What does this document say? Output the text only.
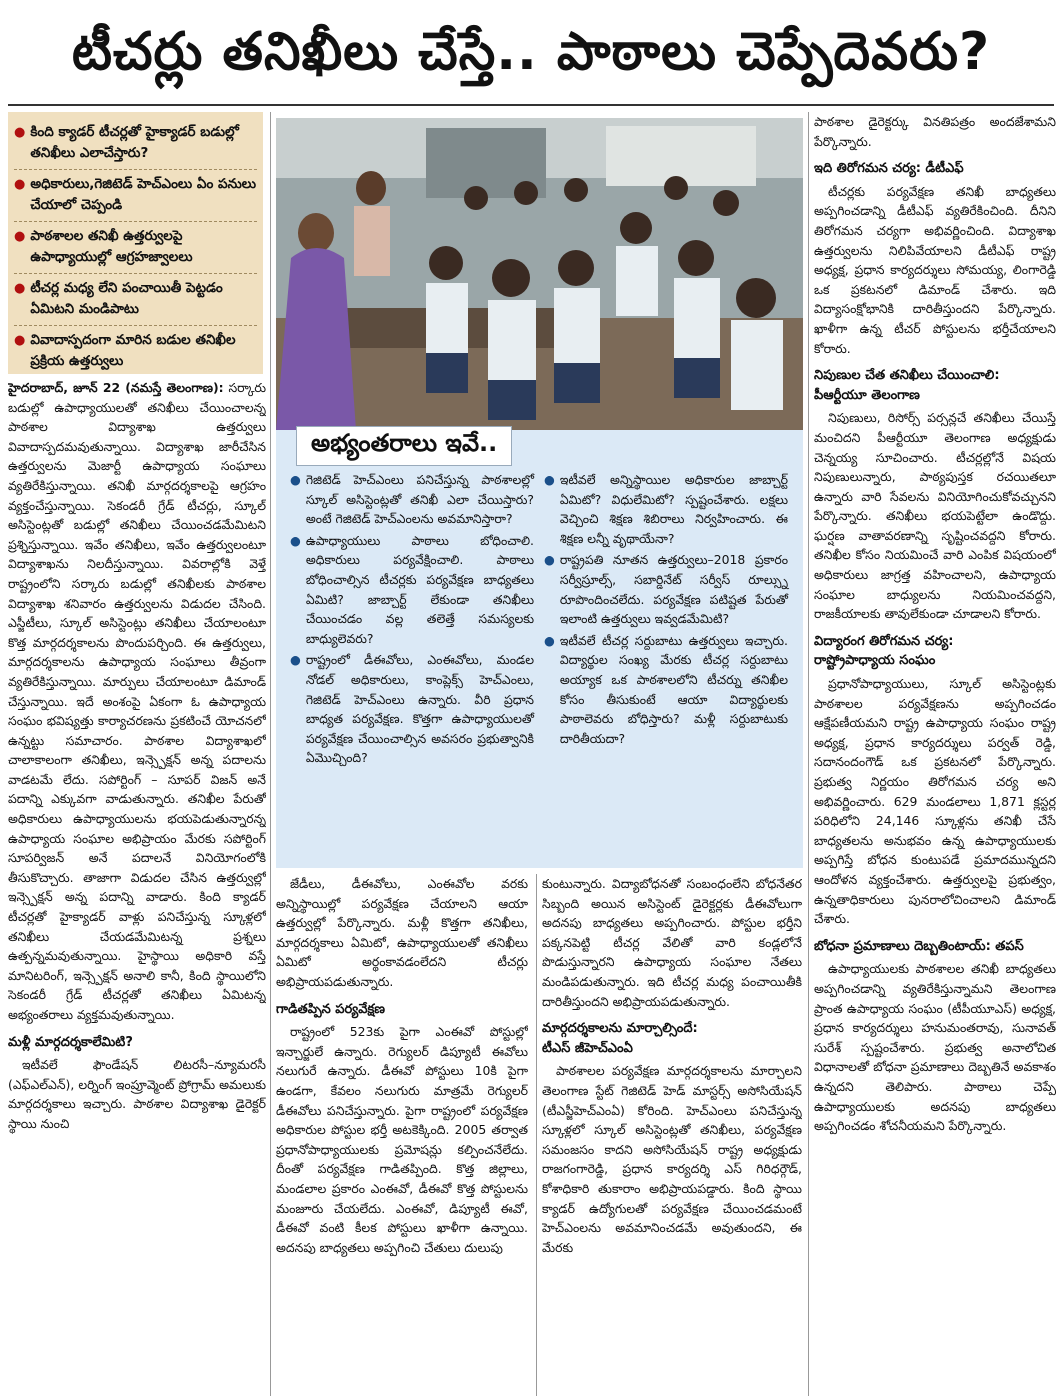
టీచర్లు తనిఖీలు చేస్తే.. పాఠాలు చెప్పేదెవరు?
● కింది క్యాడర్ టీచర్లతో హైక్యాడర్ బడుల్లో తనిఖీలు ఎలాచేస్తారు?
● అధికారులు,గెజిటెడ్ హెచ్ఎంలు ఏం పనులు చేయాలో చెప్పండి
● పాఠశాలల తనిఖీ ఉత్తర్వులపై ఉపాధ్యాయుల్లో ఆగ్రహజ్వాలలు
● టీచర్ల మధ్య లేని పంచాయితీ పెట్టడం ఏమిటని మండిపాటు
● వివాదాస్పదంగా మారిన బడుల తనిఖీల ప్రక్రియ ఉత్తర్వులు

హైదరాబాద్, జూన్ 22 (నమస్తే తెలంగాణ): సర్కారు బడుల్లో ఉపాధ్యాయులతో తనిఖీలు చేయించాలన్న పాఠశాల విద్యాశాఖ ఉత్తర్వులు వివాదాస్పదమవుతున్నాయి. విద్యాశాఖ జారీచేసిన ఉత్తర్వులను మెజార్టీ ఉపాధ్యాయ సంఘాలు వ్యతిరేకిస్తున్నాయి. తనిఖీ మార్గదర్శకాలపై ఆగ్రహం వ్యక్తంచేస్తున్నాయి. సెకండరీ గ్రేడ్ టీచర్లు, స్కూల్ అసిస్టెంట్లతో బడుల్లో తనిఖీలు చేయించడమేమిటని ప్రశ్నిస్తున్నాయి. ఇవేం తనిఖీలు, ఇవేం ఉత్తర్వులంటూ విద్యాశాఖను నిలదీస్తున్నాయి. వివరాల్లోకి వెళ్తే రాష్ట్రంలోని సర్కారు బడుల్లో తనిఖీలకు పాఠశాల విద్యాశాఖ శనివారం ఉత్తర్వులను విడుదల చేసింది. ఎస్జీటీలు, స్కూల్ అసిస్టెంట్లు తనిఖీలు చేయాలంటూ కొత్త మార్గదర్శకాలను పొందుపర్చింది. ఈ ఉత్తర్వులు, మార్గదర్శకాలను ఉపాధ్యాయ సంఘాలు తీవ్రంగా వ్యతిరేకిస్తున్నాయి. మార్పులు చేయాలంటూ డిమాండ్ చేస్తున్నాయి. ఇదే అంశంపై ఏకంగా ఓ ఉపాధ్యాయ సంఘం భవిష్యత్తు కార్యాచరణను ప్రకటించే యోచనలో ఉన్నట్టు సమాచారం. పాఠశాల విద్యాశాఖలో చాలాకాలంగా తనిఖీలు, ఇన్స్పెక్షన్ అన్న పదాలను వాడటమే లేదు. సపోర్టింగ్ – సూపర్ విజన్ అనే పదాన్ని ఎక్కువగా వాడుతున్నారు. తనిఖీల పేరుతో అధికారులు ఉపాధ్యాయులను భయపెడుతున్నారన్న ఉపాధ్యాయ సంఘాల అభిప్రాయం మేరకు సపోర్టింగ్ సూపర్విజన్ అనే పదాలనే వినియోగంలోకి తీసుకొచ్చారు. తాజాగా విడుదల చేసిన ఉత్తర్వుల్లో ఇన్స్పెక్షన్ అన్న పదాన్ని వాడారు. కింది క్యాడర్ టీచర్లతో హైక్యాడర్ వాళ్లు పనిచేస్తున్న స్కూళ్లలో తనిఖీలు చేయడమేమిటన్న ప్రశ్నలు ఉత్పన్నమవుతున్నాయి. హైస్థాయి అధికారి వస్తే మానిటరింగ్, ఇన్స్పెక్షన్ అనాలి కానీ, కింది స్థాయిలోని సెకండరీ గ్రేడ్ టీచర్లతో తనిఖీలు ఏమిటన్న అభ్యంతరాలు వ్యక్తమవుతున్నాయి.

మళ్లీ మార్గదర్శకాలేమిటి?

ఇటీవలే ఫౌండేషన్ లిటరసీ–న్యూమరసీ (ఎఫ్ఎల్ఎన్), లర్నింగ్ ఇంప్రూవ్మెంట్ ప్రోగ్రామ్ అమలుకు మార్గదర్శకాలు ఇచ్చారు. పాఠశాల విద్యాశాఖ డైరెక్టర్ స్థాయి నుంచి

అభ్యంతరాలు ఇవే..
● గెజిటెడ్ హెచ్ఎంలు పనిచేస్తున్న పాఠశాలల్లో స్కూల్ అసిస్టెంట్లతో తనిఖీ ఎలా చేయిస్తారు? అంటే గెజిటెడ్ హెచ్ఎంలను అవమానిస్తారా?
● ఉపాధ్యాయులు పాఠాలు బోధించాలి. అధికారులు పర్యవేక్షించాలి. పాఠాలు బోధించాల్సిన టీచర్లకు పర్యవేక్షణ బాధ్యతలు ఏమిటి? జాబ్చార్ట్ లేకుండా తనిఖీలు చేయించడం వల్ల తలెత్తే సమస్యలకు బాధ్యులెవరు?
● రాష్ట్రంలో డీఈవోలు, ఎంఈవోలు, మండల నోడల్ అధికారులు, కాంప్లెక్స్ హెచ్ఎంలు, గెజిటెడ్ హెచ్ఎంలు ఉన్నారు. వీరి ప్రధాన బాధ్యత పర్యవేక్షణ. కొత్తగా ఉపాధ్యాయులతో పర్యవేక్షణ చేయించాల్సిన అవసరం ప్రభుత్వానికి ఏమొచ్చింది?
● ఇటీవలే అన్నిస్థాయిల అధికారుల జాబ్చార్ట్ ఏమిటో? విధులేమిటో? స్పష్టంచేశారు. లక్షలు వెచ్చించి శిక్షణ శిబిరాలు నిర్వహించారు. ఈ శిక్షణ లన్నీ వృథాయేనా?
● రాష్ట్రపతి నూతన ఉత్తర్వులు–2018 ప్రకారం సర్వీస్రూల్స్, సబార్డినేట్ సర్వీస్ రూల్స్ను రూపొందించలేదు. పర్యవేక్షణ పటిష్టత పేరుతో ఇలాంటి ఉత్తర్వులు ఇవ్వడమేమిటి?
● ఇటీవలే టీచర్ల సర్దుబాటు ఉత్తర్వులు ఇచ్చారు. విద్యార్థుల సంఖ్య మేరకు టీచర్ల సర్దుబాటు అయ్యాక ఒక పాఠశాలలోని టీచర్ను తనిఖీల కోసం తీసుకుంటే ఆయా విద్యార్థులకు పాఠాలెవరు బోధిస్తారు? మళ్లీ సర్దుబాటుకు దారితీయదా?

జేడీలు, డీఈవోలు, ఎంఈవోల వరకు అన్నిస్థాయిల్లో పర్యవేక్షణ చేయాలని ఆయా ఉత్తర్వుల్లో పేర్కొన్నారు. మళ్లీ కొత్తగా తనిఖీలు, మార్గదర్శకాలు ఏమిటో, ఉపాధ్యాయులతో తనిఖీలు ఏమిటో అర్థంకావడంలేదని టీచర్లు అభిప్రాయపడుతున్నారు.

గాడితప్పిన పర్యవేక్షణ

రాష్ట్రంలో 523కు పైగా ఎంఈవో పోస్టుల్లో ఇన్చార్జులే ఉన్నారు. రెగ్యులర్ డిప్యూటీ ఈవోలు నలుగురే ఉన్నారు. డీఈవో పోస్టులు 10కి పైగా ఉండగా, కేవలం నలుగురు మాత్రమే రెగ్యులర్ డీఈవోలు పనిచేస్తున్నారు. పైగా రాష్ట్రంలో పర్యవేక్షణ అధికారుల పోస్టుల భర్తీ అటకెక్కింది. 2005 తర్వాత ప్రధానోపాధ్యాయులకు ప్రమోషన్లు కల్పించనేలేదు. దీంతో పర్యవేక్షణ గాడితప్పింది. కొత్త జిల్లాలు, మండలాల ప్రకారం ఎంఈవో, డీఈవో కొత్త పోస్టులను మంజూరు చేయలేదు. ఎంఈవో, డిప్యూటీ ఈవో, డీఈవో వంటి కీలక పోస్టులు ఖాళీగా ఉన్నాయి. అదనపు బాధ్యతలు అప్పగించి చేతులు దులుపు

కుంటున్నారు. విద్యాబోధనతో సంబంధంలేని బోధనేతర సిబ్బంది అయిన అసిస్టెంట్ డైరెక్టర్లకు డీఈవోలుగా అదనపు బాధ్యతలు అప్పగించారు. పోస్టుల భర్తీని పక్కనపెట్టి టీచర్ల వేలితో వారి కండ్లలోనే పొడుస్తున్నారని ఉపాధ్యాయ సంఘాల నేతలు మండిపడుతున్నారు. ఇది టీచర్ల మధ్య పంచాయితీకి దారితీస్తుందని అభిప్రాయపడుతున్నారు.

మార్గదర్శకాలను మార్చాల్సిందే:
టీఎస్ జీహెచ్ఎంఏ

పాఠశాలల పర్యవేక్షణ మార్గదర్శకాలను మార్చాలని తెలంగాణ స్టేట్ గెజిటెడ్ హెడ్ మాస్టర్స్ అసోసియేషన్ (టీఎస్జీహెచ్ఎంఏ) కోరింది. హెచ్ఎంలు పనిచేస్తున్న స్కూళ్లలో స్కూల్ అసిస్టెంట్లతో తనిఖీలు, పర్యవేక్షణ సమంజసం కాదని అసోసియేషన్ రాష్ట్ర అధ్యక్షుడు రాజగంగారెడ్డి, ప్రధాన కార్యదర్శి ఎస్ గిరిధర్గౌడ్, కోశాధికారి తుకారాం అభిప్రాయపడ్డారు. కింది స్థాయి క్యాడర్ ఉద్యోగులతో పర్యవేక్షణ చేయించడమంటే హెచ్ఎంలను అవమానించడమే అవుతుందని, ఈ మేరకు

పాఠశాల డైరెక్టర్కు వినతిపత్రం అందజేశామని పేర్కొన్నారు.

ఇది తిరోగమన చర్య: డీటీఎఫ్

టీచర్లకు పర్యవేక్షణ తనిఖీ బాధ్యతలు అప్పగించడాన్ని డీటీఎఫ్ వ్యతిరేకించింది. దీనిని తిరోగమన చర్యగా అభివర్ణించింది. విద్యాశాఖ ఉత్తర్వులను నిలిపివేయాలని డీటీఎఫ్ రాష్ట్ర అధ్యక్ష, ప్రధాన కార్యదర్శులు సోమయ్య, లింగారెడ్డి ఒక ప్రకటనలో డిమాండ్ చేశారు. ఇది విద్యాసంక్షోభానికి దారితీస్తుందని పేర్కొన్నారు. ఖాళీగా ఉన్న టీచర్ పోస్టులను భర్తీచేయాలని కోరారు.

నిపుణుల చేత తనిఖీలు చేయించాలి:
పీఆర్టీయూ తెలంగాణ

నిపుణులు, రిసోర్స్ పర్సన్లచే తనిఖీలు చేయిస్తే మంచిదని పీఆర్టీయూ తెలంగాణ అధ్యక్షుడు చెన్నయ్య సూచించారు. టీచర్లల్లోనే విషయ నిపుణులున్నారు, పాఠ్యపుస్తక రచయితలూ ఉన్నారు వారి సేవలను వినియోగించుకోవచ్చునని పేర్కొన్నారు. తనిఖీలు భయపెట్టేలా ఉండొద్దు. ఘర్షణ వాతావరణాన్ని సృష్టించవద్దని కోరారు. తనిఖీల కోసం నియమించే వారి ఎంపిక విషయంలో అధికారులు జాగ్రత్త వహించాలని, ఉపాధ్యాయ సంఘాల బాధ్యులను నియమించవద్దని, రాజకీయాలకు తావులేకుండా చూడాలని కోరారు.

విద్యారంగ తిరోగమన చర్య:
రాష్ట్రోపాధ్యాయ సంఘం

ప్రధానోపాధ్యాయులు, స్కూల్ అసిస్టెంట్లకు పాఠశాలల పర్యవేక్షణను అప్పగించడం ఆక్షేపణీయమని రాష్ట్ర ఉపాధ్యాయ సంఘం రాష్ట్ర అధ్యక్ష, ప్రధాన కార్యదర్శులు పర్వత్ రెడ్డి, సదానందంగౌడ్ ఒక ప్రకటనలో పేర్కొన్నారు. ప్రభుత్వ నిర్ణయం తిరోగమన చర్య అని అభివర్ణించారు. 629 మండలాలు 1,871 క్లస్టర్ల పరిధిలోని 24,146 స్కూళ్లను తనిఖీ చేసే బాధ్యతలను అనుభవం ఉన్న ఉపాధ్యాయులకు అప్పగిస్తే బోధన కుంటుపడే ప్రమాదమున్నదని ఆందోళన వ్యక్తంచేశారు. ఉత్తర్వులపై ప్రభుత్వం, ఉన్నతాధికారులు పునరాలోచించాలని డిమాండ్ చేశారు.

బోధనా ప్రమాణాలు దెబ్బతింటాయ్: తపస్

ఉపాధ్యాయులకు పాఠశాలల తనిఖీ బాధ్యతలు అప్పగించడాన్ని వ్యతిరేకిస్తున్నామని తెలంగాణ ప్రాంత ఉపాధ్యాయ సంఘం (టీపీయూఎస్) అధ్యక్ష, ప్రధాన కార్యదర్శులు హనుమంతరావు, సునావత్ సురేశ్ స్పష్టంచేశారు. ప్రభుత్వ అనాలోచిత విధానాలతో బోధనా ప్రమాణాలు దెబ్బతినే అవకాశం ఉన్నదని తెలిపారు. పాఠాలు చెప్పే ఉపాధ్యాయులకు అదనపు బాధ్యతలు అప్పగించడం శోచనీయమని పేర్కొన్నారు.
